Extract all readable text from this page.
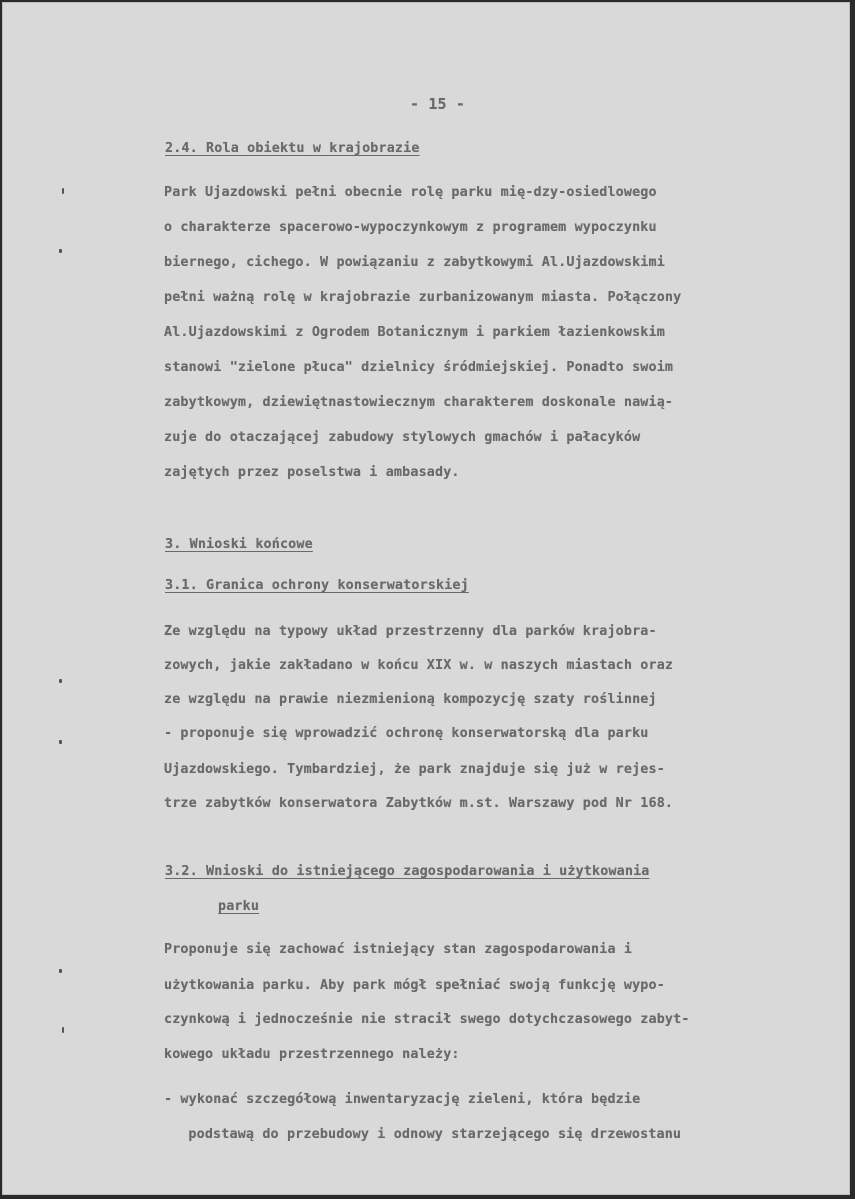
- 15 -
2.4. Rola obiektu w krajobrazie
Park Ujazdowski pełni obecnie rolę parku mię-dzy-osiedlowego
o charakterze spacerowo-wypoczynkowym z programem wypoczynku
biernego, cichego. W powiązaniu z zabytkowymi Al.Ujazdowskimi
pełni ważną rolę w krajobrazie zurbanizowanym miasta. Połączony
Al.Ujazdowskimi z Ogrodem Botanicznym i parkiem łazienkowskim
stanowi "zielone płuca" dzielnicy śródmiejskiej. Ponadto swoim
zabytkowym, dziewiętnastowiecznym charakterem doskonale nawią-
zuje do otaczającej zabudowy stylowych gmachów i pałacyków
zajętych przez poselstwa i ambasady.
3. Wnioski końcowe
3.1. Granica ochrony konserwatorskiej
Ze względu na typowy układ przestrzenny dla parków krajobra-
zowych, jakie zakładano w końcu XIX w. w naszych miastach oraz
ze względu na prawie niezmienioną kompozycję szaty roślinnej
- proponuje się wprowadzić ochronę konserwatorską dla parku
Ujazdowskiego. Tymbardziej, że park znajduje się już w rejes-
trze zabytków konserwatora Zabytków m.st. Warszawy pod Nr 168.
3.2. Wnioski do istniejącego zagospodarowania i użytkowania
parku
Proponuje się zachować istniejący stan zagospodarowania i
użytkowania parku. Aby park mógł spełniać swoją funkcję wypo-
czynkową i jednocześnie nie stracił swego dotychczasowego zabyt-
kowego układu przestrzennego należy:
- wykonać szczegółową inwentaryzację zieleni, która będzie
podstawą do przebudowy i odnowy starzejącego się drzewostanu
